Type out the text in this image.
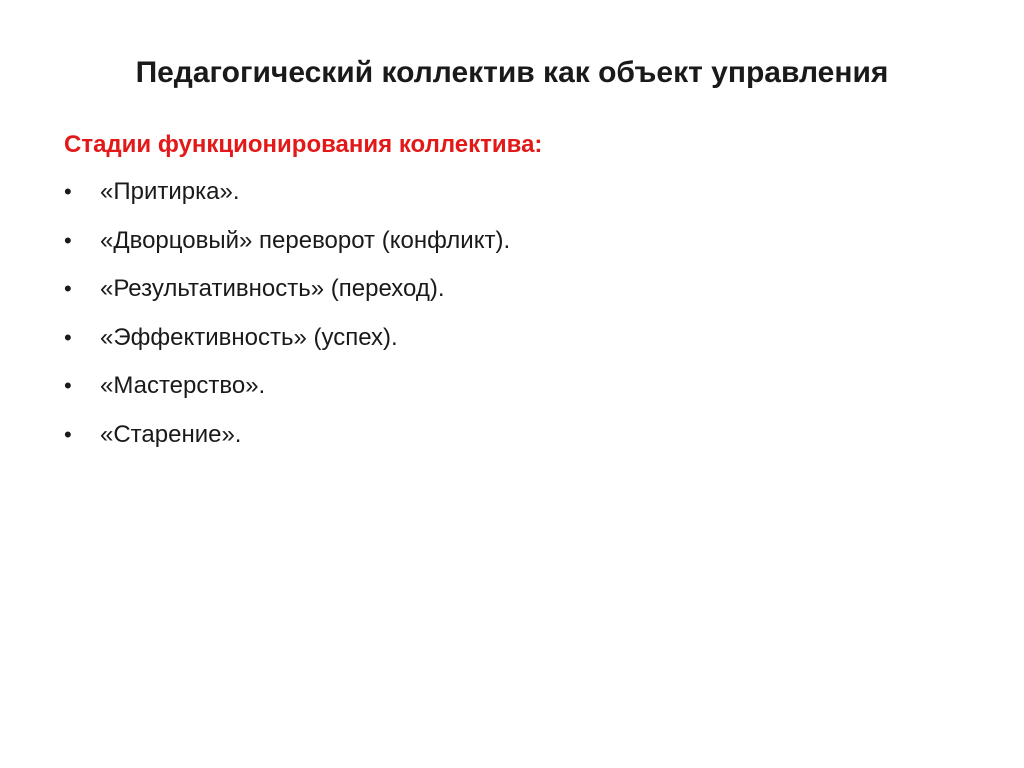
Педагогический коллектив как объект управления

Стадии функционирования коллектива:

•	«Притирка».
•	«Дворцовый» переворот (конфликт).
•	«Результативность» (переход).
•	«Эффективность» (успех).
•	«Мастерство».
•	«Старение».
